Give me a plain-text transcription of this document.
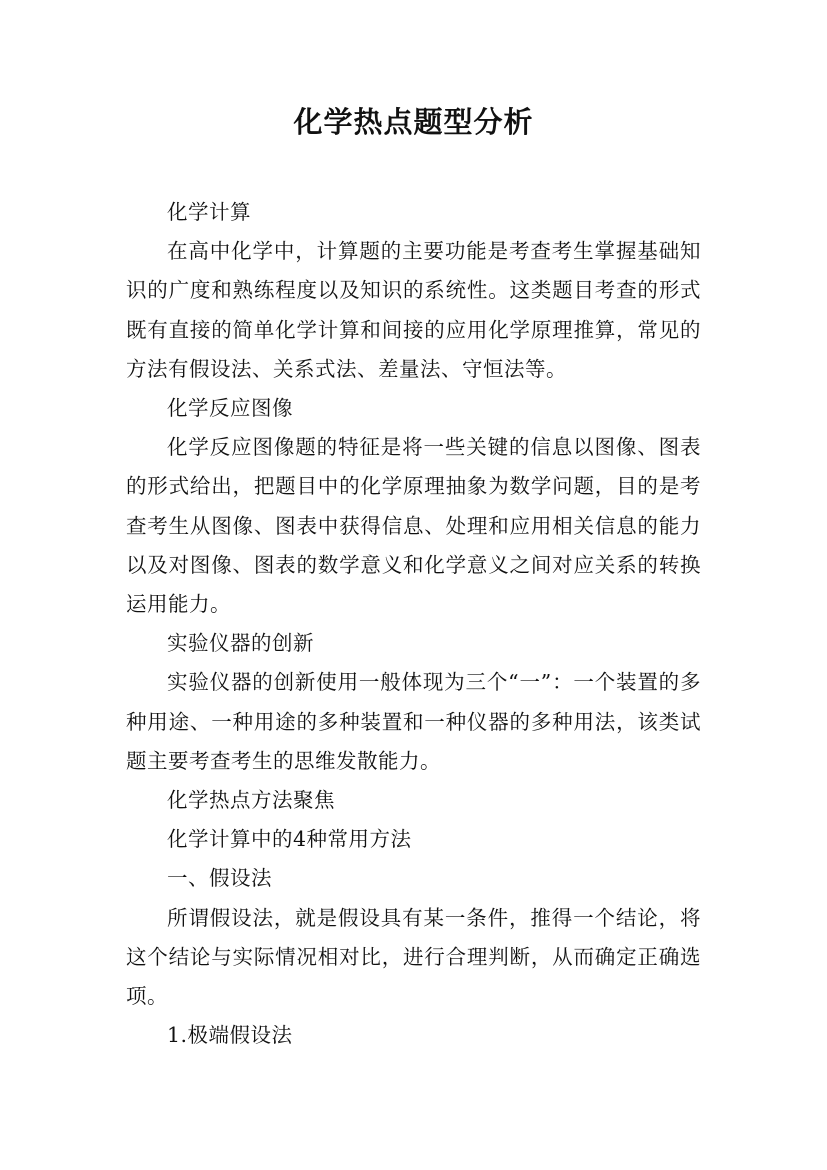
化学热点题型分析

化学计算

在高中化学中，计算题的主要功能是考查考生掌握基础知识的广度和熟练程度以及知识的系统性。这类题目考查的形式既有直接的简单化学计算和间接的应用化学原理推算，常见的方法有假设法、关系式法、差量法、守恒法等。

化学反应图像

化学反应图像题的特征是将一些关键的信息以图像、图表的形式给出，把题目中的化学原理抽象为数学问题，目的是考查考生从图像、图表中获得信息、处理和应用相关信息的能力以及对图像、图表的数学意义和化学意义之间对应关系的转换运用能力。

实验仪器的创新

实验仪器的创新使用一般体现为三个“一”：一个装置的多种用途、一种用途的多种装置和一种仪器的多种用法，该类试题主要考查考生的思维发散能力。

化学热点方法聚焦

化学计算中的4种常用方法

一、假设法

所谓假设法，就是假设具有某一条件，推得一个结论，将这个结论与实际情况相对比，进行合理判断，从而确定正确选项。

1.极端假设法
